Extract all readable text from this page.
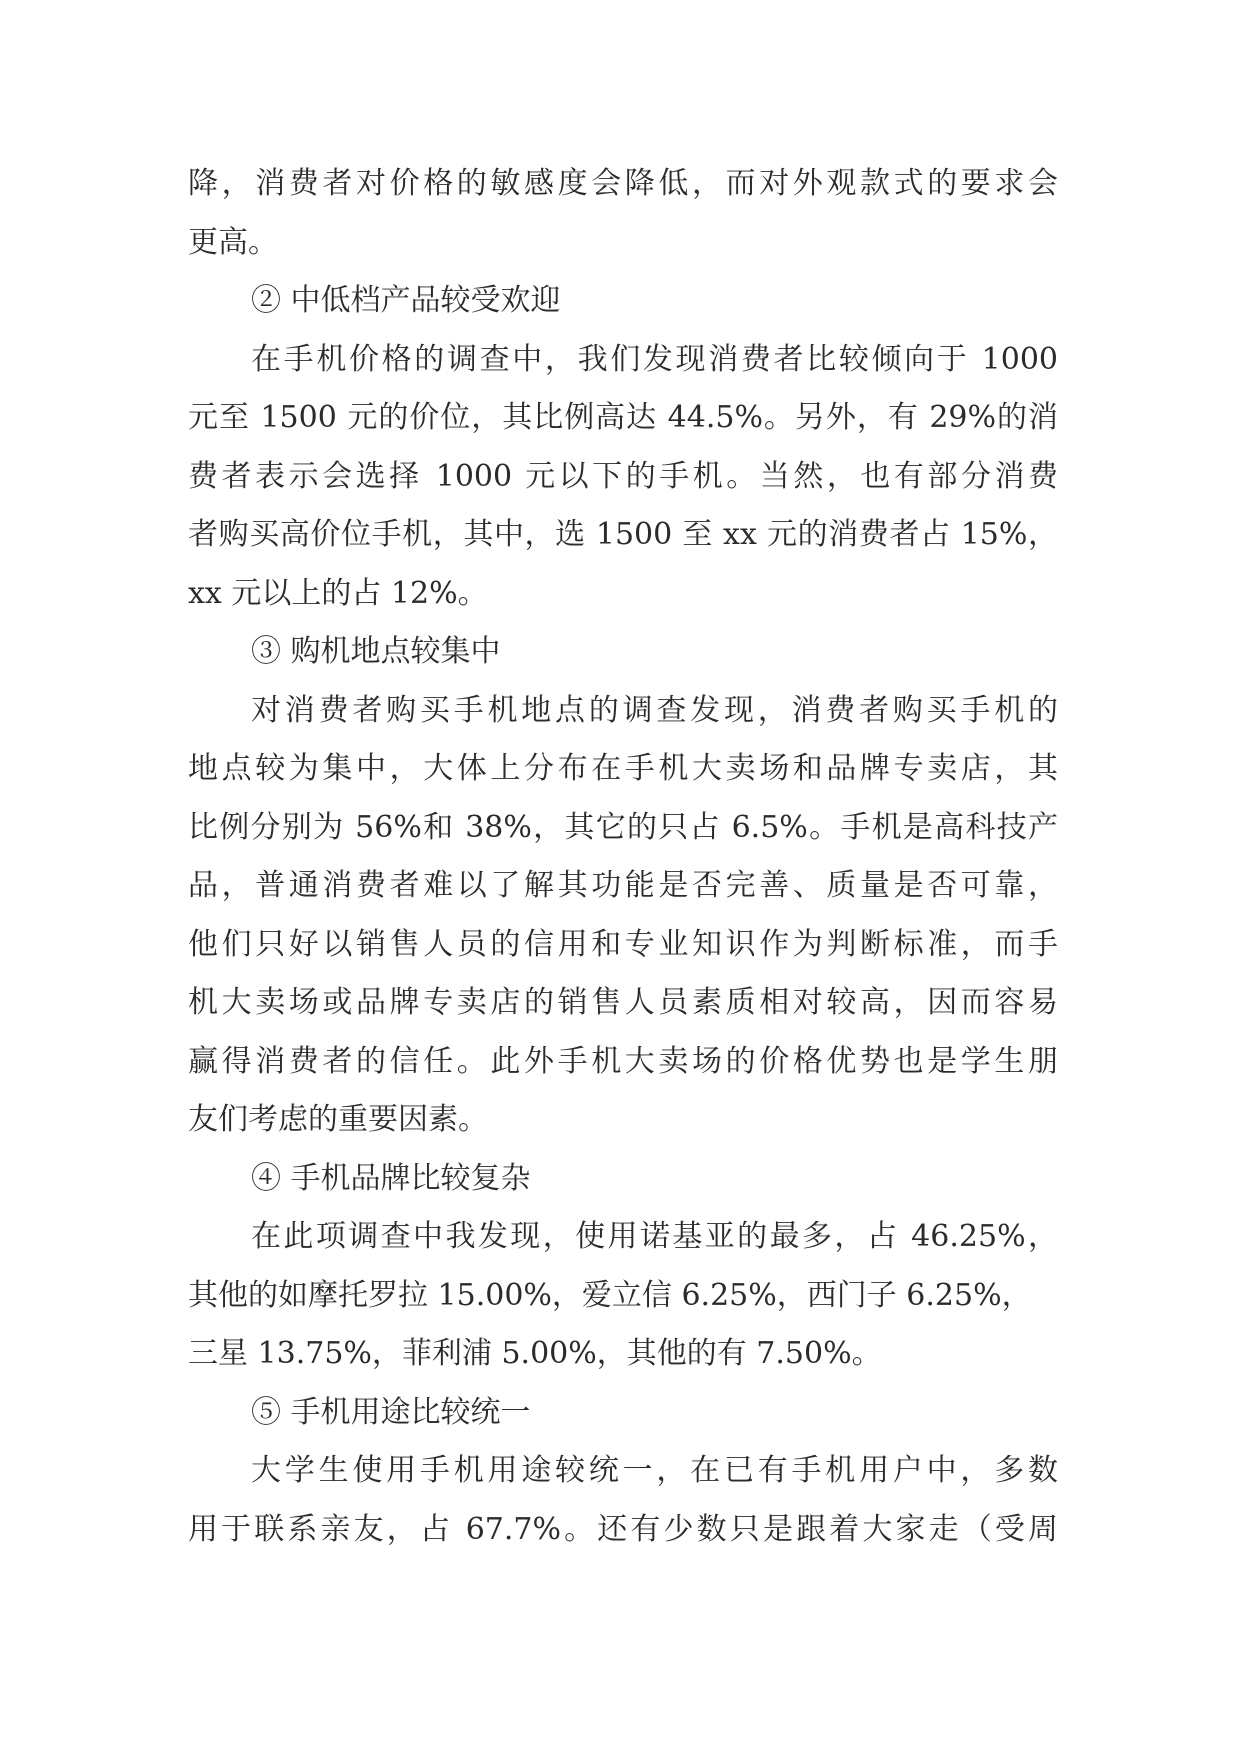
降，消费者对价格的敏感度会降低，而对外观款式的要求会
更高。
② 中低档产品较受欢迎
在手机价格的调查中，我们发现消费者比较倾向于 1000
元至 1500 元的价位，其比例高达 44.5%。另外，有 29%的消
费者表示会选择 1000 元以下的手机。当然，也有部分消费
者购买高价位手机，其中，选 1500 至 xx 元的消费者占 15%，
xx 元以上的占 12%。
③ 购机地点较集中
对消费者购买手机地点的调查发现，消费者购买手机的
地点较为集中，大体上分布在手机大卖场和品牌专卖店，其
比例分别为 56%和 38%，其它的只占 6.5%。手机是高科技产
品，普通消费者难以了解其功能是否完善、质量是否可靠，
他们只好以销售人员的信用和专业知识作为判断标准，而手
机大卖场或品牌专卖店的销售人员素质相对较高，因而容易
赢得消费者的信任。此外手机大卖场的价格优势也是学生朋
友们考虑的重要因素。
④ 手机品牌比较复杂
在此项调查中我发现，使用诺基亚的最多，占 46.25%，
其他的如摩托罗拉 15.00%，爱立信 6.25%，西门子 6.25%，
三星 13.75%，菲利浦 5.00%，其他的有 7.50%。
⑤ 手机用途比较统一
大学生使用手机用途较统一，在已有手机用户中，多数
用于联系亲友，占 67.7%。还有少数只是跟着大家走（受周
